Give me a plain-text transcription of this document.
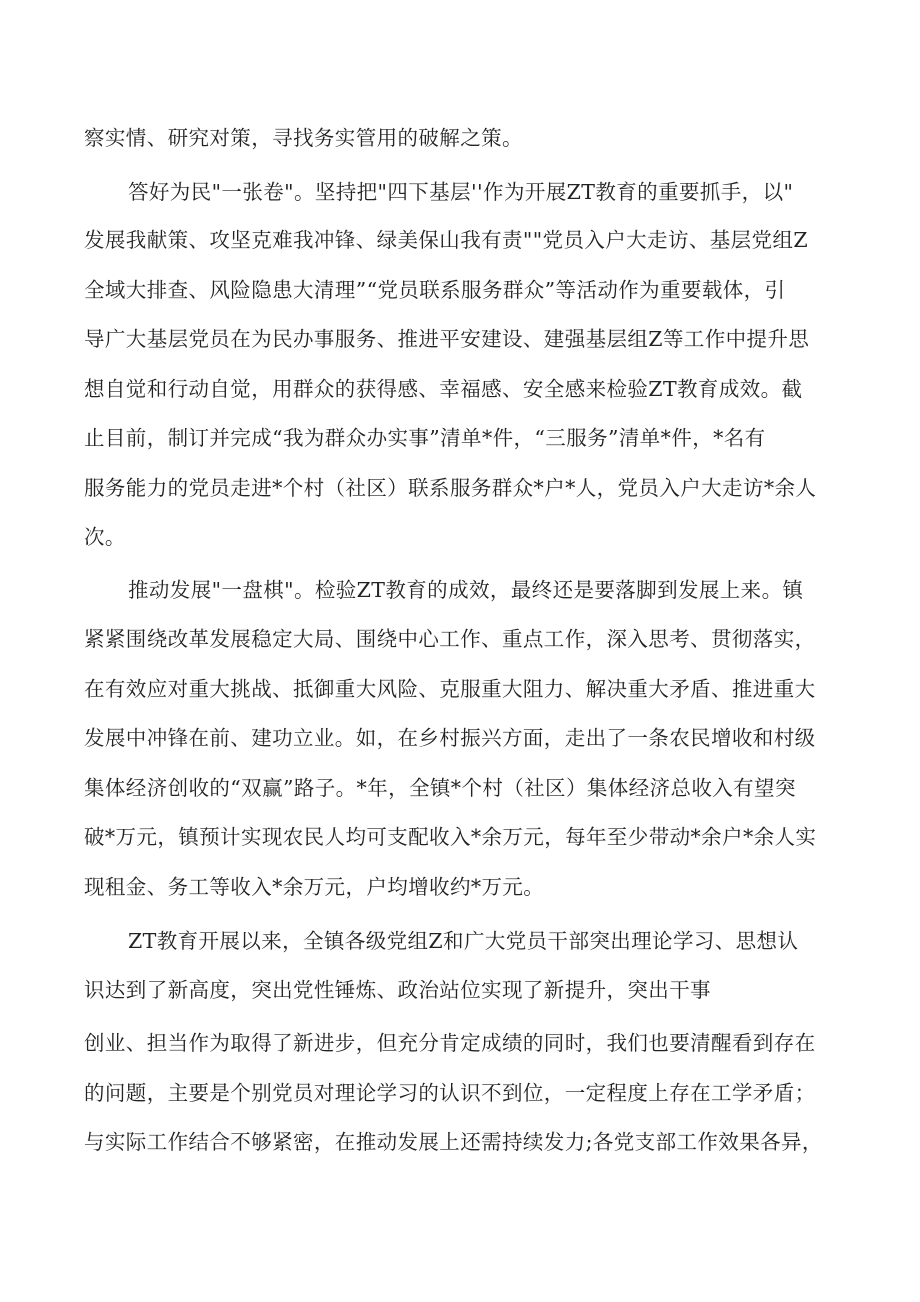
察实情、研究对策，寻找务实管用的破解之策。
答好为民"一张卷"。坚持把"四下基层''作为开展ZT教育的重要抓手，以"
发展我献策、攻坚克难我冲锋、绿美保山我有责""党员入户大走访、基层党组Z
全域大排查、风险隐患大清理”“党员联系服务群众”等活动作为重要载体，引
导广大基层党员在为民办事服务、推进平安建设、建强基层组Z等工作中提升思
想自觉和行动自觉，用群众的获得感、幸福感、安全感来检验ZT教育成效。截
止目前，制订并完成“我为群众办实事”清单*件，“三服务”清单*件，*名有
服务能力的党员走进*个村（社区）联系服务群众*户*人，党员入户大走访*余人
次。
推动发展"一盘棋"。检验ZT教育的成效，最终还是要落脚到发展上来。镇
紧紧围绕改革发展稳定大局、围绕中心工作、重点工作，深入思考、贯彻落实，
在有效应对重大挑战、抵御重大风险、克服重大阻力、解决重大矛盾、推进重大
发展中冲锋在前、建功立业。如，在乡村振兴方面，走出了一条农民增收和村级
集体经济创收的“双赢”路子。*年，全镇*个村（社区）集体经济总收入有望突
破*万元，镇预计实现农民人均可支配收入*余万元，每年至少带动*余户*余人实
现租金、务工等收入*余万元，户均增收约*万元。
ZT教育开展以来，全镇各级党组Z和广大党员干部突出理论学习、思想认
识达到了新高度，突出党性锤炼、政治站位实现了新提升，突出干事
创业、担当作为取得了新进步，但充分肯定成绩的同时，我们也要清醒看到存在
的问题，主要是个别党员对理论学习的认识不到位，一定程度上存在工学矛盾；
与实际工作结合不够紧密，在推动发展上还需持续发力;各党支部工作效果各异，
